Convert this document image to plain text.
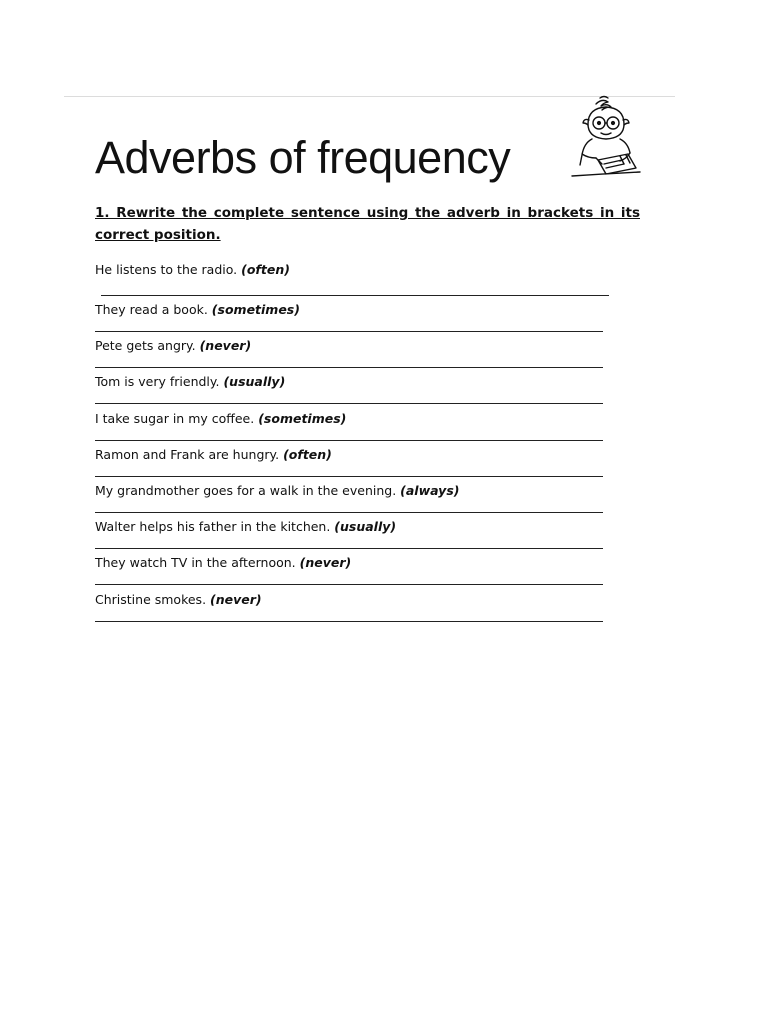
Adverbs of frequency

1. Rewrite the complete sentence using the adverb in brackets in its
correct position.

He listens to the radio. (often)
They read a book. (sometimes)
Pete gets angry. (never)
Tom is very friendly. (usually)
I take sugar in my coffee. (sometimes)
Ramon and Frank are hungry. (often)
My grandmother goes for a walk in the evening. (always)
Walter helps his father in the kitchen. (usually)
They watch TV in the afternoon. (never)
Christine smokes. (never)
